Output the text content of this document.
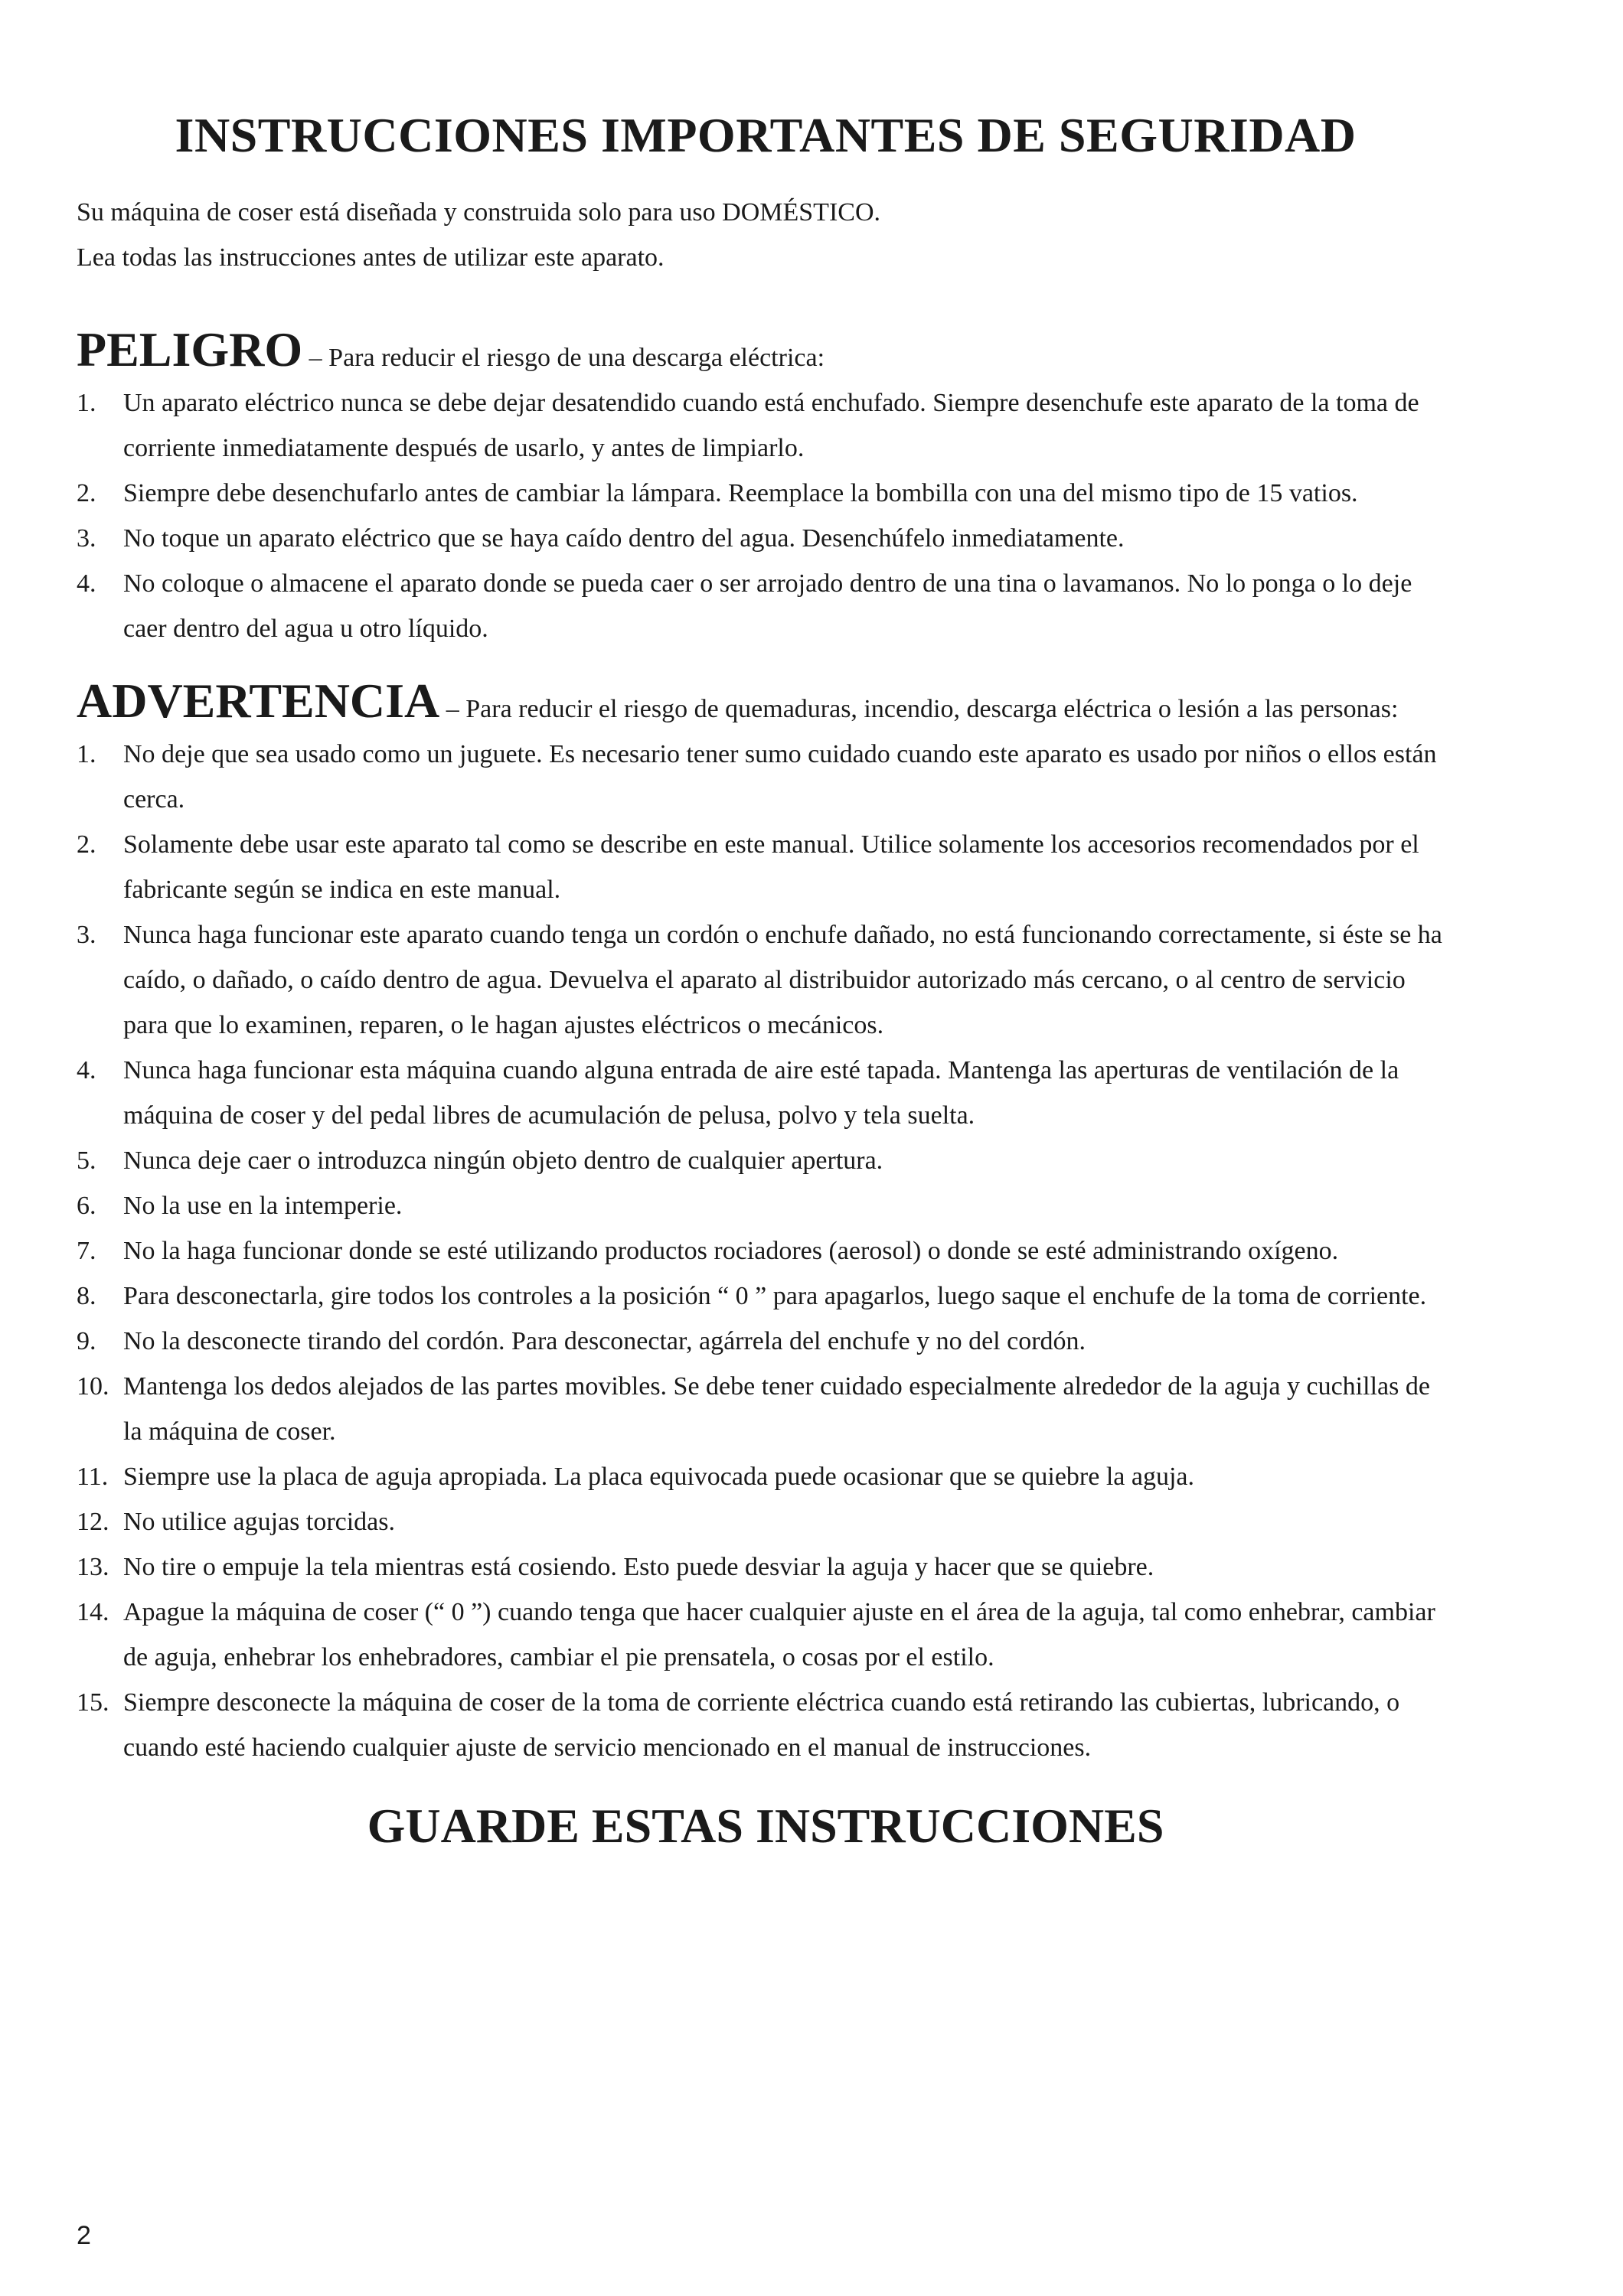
INSTRUCCIONES IMPORTANTES DE SEGURIDAD

Su máquina de coser está diseñada y construida solo para uso DOMÉSTICO.

Lea todas las instrucciones antes de utilizar este aparato.

PELIGRO – Para reducir el riesgo de una descarga eléctrica:
1. Un aparato eléctrico nunca se debe dejar desatendido cuando está enchufado. Siempre desenchufe este aparato de la toma de corriente inmediatamente después de usarlo, y antes de limpiarlo.
2. Siempre debe desenchufarlo antes de cambiar la lámpara. Reemplace la bombilla con una del mismo tipo de 15 vatios.
3. No toque un aparato eléctrico que se haya caído dentro del agua. Desenchúfelo inmediatamente.
4. No coloque o almacene el aparato donde se pueda caer o ser arrojado dentro de una tina o lavamanos. No lo ponga o lo deje caer dentro del agua u otro líquido.
ADVERTENCIA – Para reducir el riesgo de quemaduras, incendio, descarga eléctrica o lesión a las personas:
1. No deje que sea usado como un juguete. Es necesario tener sumo cuidado cuando este aparato es usado por niños o ellos están cerca.
2. Solamente debe usar este aparato tal como se describe en este manual. Utilice solamente los accesorios recomendados por el fabricante según se indica en este manual.
3. Nunca haga funcionar este aparato cuando tenga un cordón o enchufe dañado, no está funcionando correctamente, si éste se ha caído, o dañado, o caído dentro de agua. Devuelva el aparato al distribuidor autorizado más cercano, o al centro de servicio para que lo examinen, reparen, o le hagan ajustes eléctricos o mecánicos.
4. Nunca haga funcionar esta máquina cuando alguna entrada de aire esté tapada. Mantenga las aperturas de ventilación de la máquina de coser y del pedal libres de acumulación de pelusa, polvo y tela suelta.
5. Nunca deje caer o introduzca ningún objeto dentro de cualquier apertura.
6. No la use en la intemperie.
7. No la haga funcionar donde se esté utilizando productos rociadores (aerosol) o donde se esté administrando oxígeno.
8. Para desconectarla, gire todos los controles a la posición “ 0 ” para apagarlos, luego saque el enchufe de la toma de corriente.
9. No la desconecte tirando del cordón. Para desconectar, agárrela del enchufe y no del cordón.
10. Mantenga los dedos alejados de las partes movibles. Se debe tener cuidado especialmente alrededor de la aguja y cuchillas de la máquina de coser.
11. Siempre use la placa de aguja apropiada. La placa equivocada puede ocasionar que se quiebre la aguja.
12. No utilice agujas torcidas.
13. No tire o empuje la tela mientras está cosiendo. Esto puede desviar la aguja y hacer que se quiebre.
14. Apague la máquina de coser (“ 0 ”) cuando tenga que hacer cualquier ajuste en el área de la aguja, tal como enhebrar, cambiar de aguja, enhebrar los enhebradores, cambiar el pie prensatela, o cosas por el estilo.
15. Siempre desconecte la máquina de coser de la toma de corriente eléctrica cuando está retirando las cubiertas, lubricando, o cuando esté haciendo cualquier ajuste de servicio mencionado en el manual de instrucciones.
GUARDE ESTAS INSTRUCCIONES
2
